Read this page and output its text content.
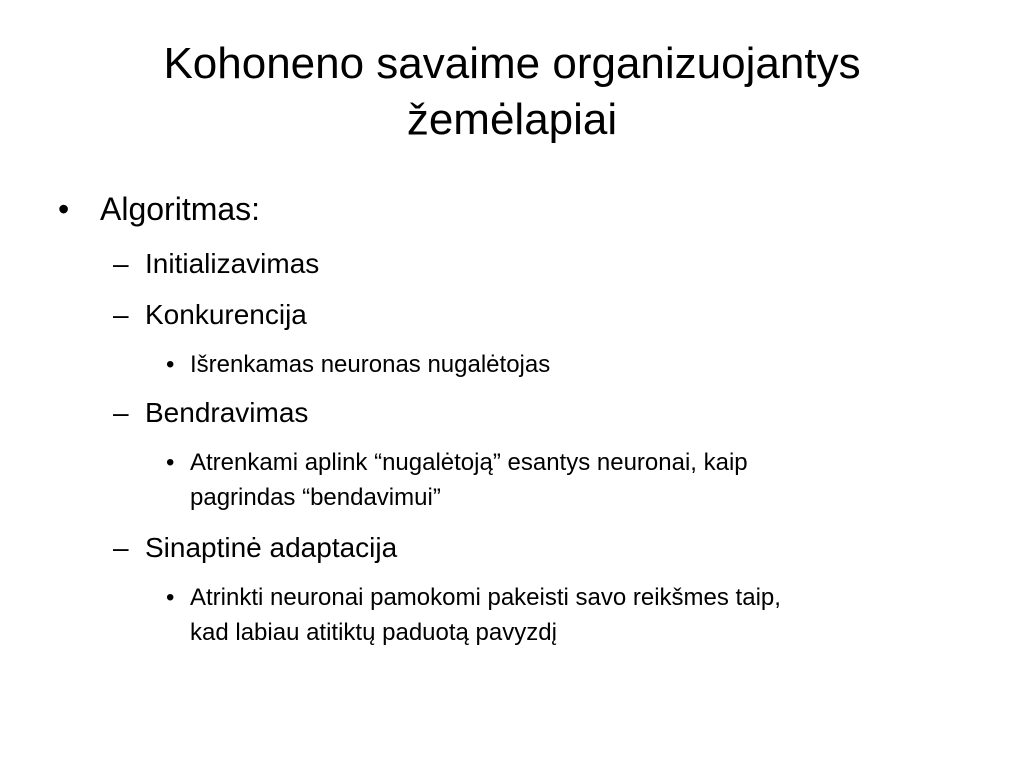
Kohoneno savaime organizuojantys
žemėlapiai
• Algoritmas:
– Initializavimas
– Konkurencija
• Išrenkamas neuronas nugalėtojas
– Bendravimas
• Atrenkami aplink “nugalėtoją” esantys neuronai, kaip
pagrindas “bendavimui”
– Sinaptinė adaptacija
• Atrinkti neuronai pamokomi pakeisti savo reikšmes taip,
kad labiau atitiktų paduotą pavyzdį
